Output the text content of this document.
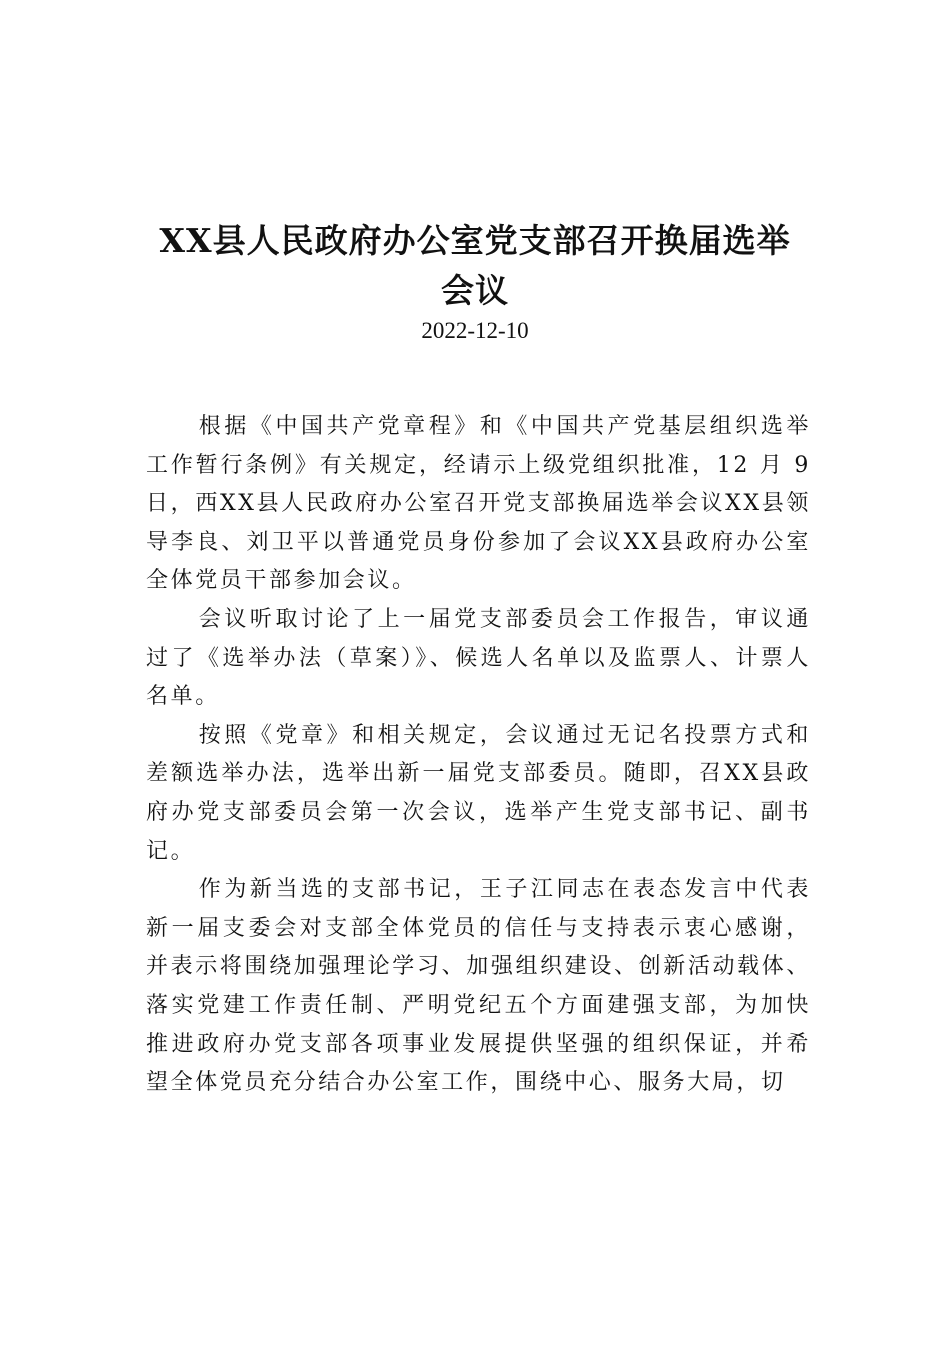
XX县人民政府办公室党支部召开换届选举
会议

2022-12-10

根据《中国共产党章程》和《中国共产党基层组织选举工作暂行条例》有关规定，经请示上级党组织批准，12 月 9 日，西XX县人民政府办公室召开党支部换届选举会议XX县领导李良、刘卫平以普通党员身份参加了会议XX县政府办公室全体党员干部参加会议。

会议听取讨论了上一届党支部委员会工作报告，审议通过了《选举办法（草案）》、候选人名单以及监票人、计票人名单。

按照《党章》和相关规定，会议通过无记名投票方式和差额选举办法，选举出新一届党支部委员。随即，召XX县政府办党支部委员会第一次会议，选举产生党支部书记、副书记。

作为新当选的支部书记，王子江同志在表态发言中代表新一届支委会对支部全体党员的信任与支持表示衷心感谢， 并表示将围绕加强理论学习、加强组织建设、创新活动载体、落实党建工作责任制、严明党纪五个方面建强支部，为加快 推进政府办党支部各项事业发展提供坚强的组织保证，并希 望全体党员充分结合办公室工作，围绕中心、服务大局，切
